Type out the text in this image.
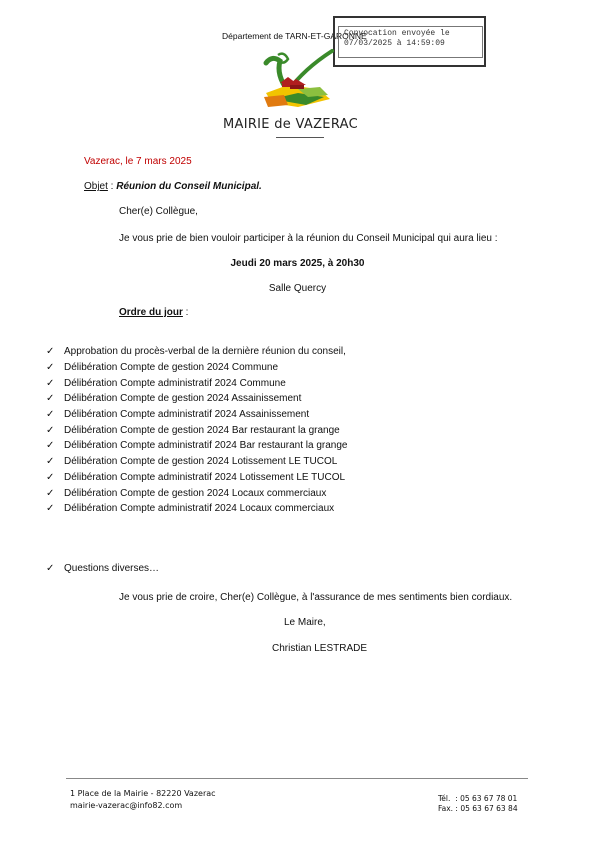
Département de TARN-ET-GARONNE
Convocation envoyée le
07/03/2025 à 14:59:09
MAIRIE de VAZERAC
Vazerac, le 7 mars 2025
Objet : Réunion du Conseil Municipal.
Cher(e) Collègue,
Je vous prie de bien vouloir participer à la réunion du Conseil Municipal qui aura lieu :
Jeudi 20 mars 2025, à 20h30
Salle Quercy
Ordre du jour :
✓ Approbation du procès-verbal de la dernière réunion du conseil,
✓ Délibération Compte de gestion 2024 Commune
✓ Délibération Compte administratif 2024 Commune
✓ Délibération Compte de gestion 2024 Assainissement
✓ Délibération Compte administratif 2024 Assainissement
✓ Délibération Compte de gestion 2024 Bar restaurant la grange
✓ Délibération Compte administratif 2024 Bar restaurant la grange
✓ Délibération Compte de gestion 2024 Lotissement LE TUCOL
✓ Délibération Compte administratif 2024 Lotissement LE TUCOL
✓ Délibération Compte de gestion 2024 Locaux commerciaux
✓ Délibération Compte administratif 2024 Locaux commerciaux
✓ Questions diverses…
Je vous prie de croire, Cher(e) Collègue, à l'assurance de mes sentiments bien cordiaux.
Le Maire,
Christian LESTRADE
1 Place de la Mairie - 82220 Vazerac
mairie-vazerac@info82.com
Tél.  : 05 63 67 78 01
Fax. : 05 63 67 63 84
